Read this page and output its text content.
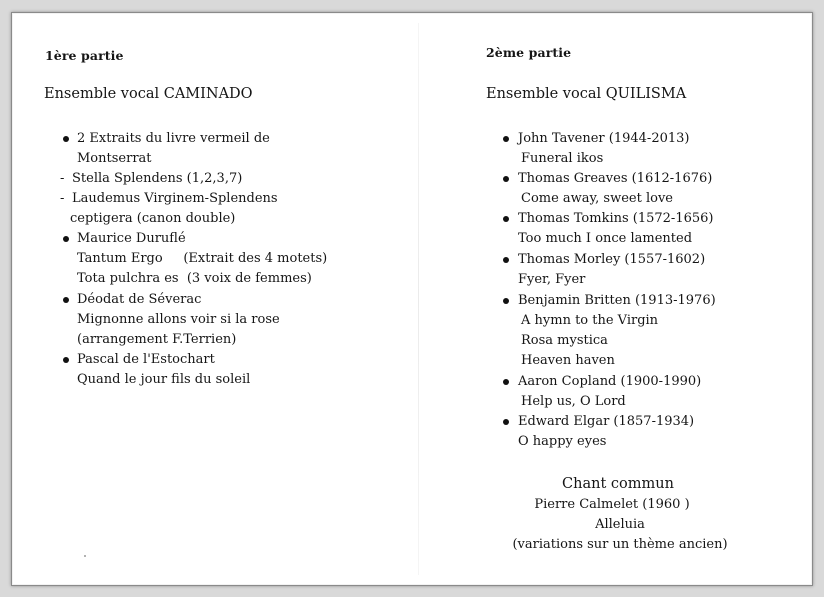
1ère partie
Ensemble vocal CAMINADO
2 Extraits du livre vermeil de
Montserrat
- Stella Splendens (1,2,3,7)
- Laudemus Virginem-Splendens
ceptigera (canon double)
Maurice Duruflé
Tantum Ergo     (Extrait des 4 motets)
Tota pulchra es  (3 voix de femmes)
Déodat de Séverac
Mignonne allons voir si la rose
(arrangement F.Terrien)
Pascal de l'Estochart
Quand le jour fils du soleil
2ème partie
Ensemble vocal QUILISMA
John Tavener (1944-2013)
Funeral ikos
Thomas Greaves (1612-1676)
Come away, sweet love
Thomas Tomkins (1572-1656)
Too much I once lamented
Thomas Morley (1557-1602)
Fyer, Fyer
Benjamin Britten (1913-1976)
A hymn to the Virgin
Rosa mystica
Heaven haven
Aaron Copland (1900-1990)
Help us, O Lord
Edward Elgar (1857-1934)
O happy eyes
Chant commun
Pierre Calmelet (1960 )
Alleluia
(variations sur un thème ancien)
